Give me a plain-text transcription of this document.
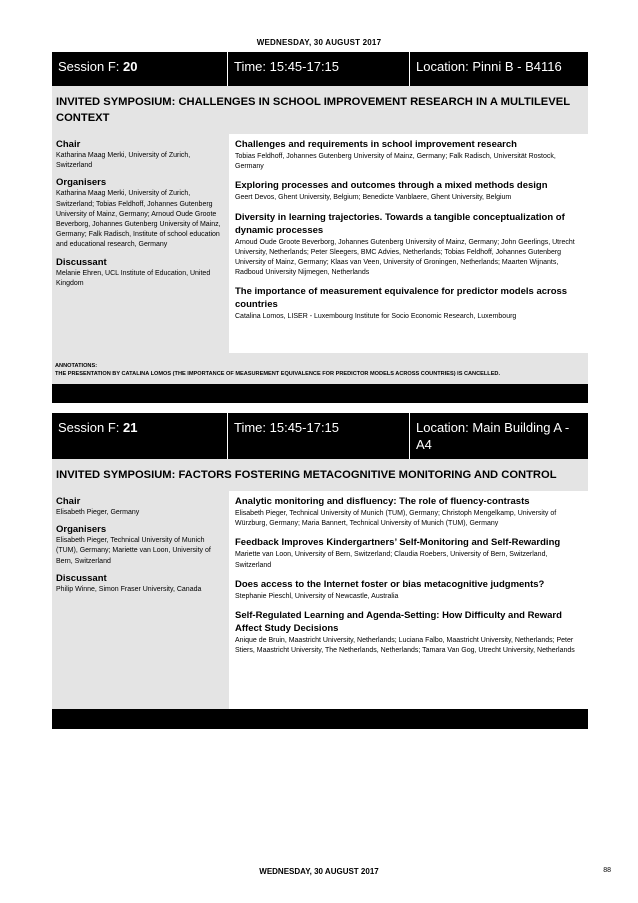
WEDNESDAY, 30 AUGUST 2017
Session F: 20	Time: 15:45-17:15	Location: Pinni B - B4116
INVITED SYMPOSIUM: CHALLENGES IN SCHOOL IMPROVEMENT RESEARCH IN A MULTILEVEL CONTEXT
Chair
Katharina Maag Merki, University of Zurich, Switzerland
Organisers
Katharina Maag Merki, University of Zurich, Switzerland; Tobias Feldhoff, Johannes Gutenberg University of Mainz, Germany; Arnoud Oude Groote Beverborg, Johannes Gutenberg University of Mainz, Germany; Falk Radisch, Institute of school education and educational research, Germany
Discussant
Melanie Ehren, UCL Institute of Education, United Kingdom
Challenges and requirements in school improvement research
Tobias Feldhoff, Johannes Gutenberg University of Mainz, Germany; Falk Radisch, Universität Rostock, Germany
Exploring processes and outcomes through a mixed methods design
Geert Devos, Ghent University, Belgium; Benedicte Vanblaere, Ghent University, Belgium
Diversity in learning trajectories. Towards a tangible conceptualization of dynamic processes
Arnoud Oude Groote Beverborg, Johannes Gutenberg University of Mainz, Germany; John Geerlings, Utrecht University, Netherlands; Peter Sleegers, BMC Advies, Netherlands; Tobias Feldhoff, Johannes Gutenberg University of Mainz, Germany; Klaas van Veen, University of Groningen, Netherlands; Maarten Wijnants, Radboud University Nijmegen, Netherlands
The importance of measurement equivalence for predictor models across countries
Catalina Lomos, LISER - Luxembourg Institute for Socio Economic Research, Luxembourg
ANNOTATIONS:
THE PRESENTATION BY CATALINA LOMOS (THE IMPORTANCE OF MEASUREMENT EQUIVALENCE FOR PREDICTOR MODELS ACROSS COUNTRIES) IS CANCELLED.
Session F: 21	Time: 15:45-17:15	Location: Main Building A - A4
INVITED SYMPOSIUM: FACTORS FOSTERING METACOGNITIVE MONITORING AND CONTROL
Chair
Elisabeth Pieger, Germany
Organisers
Elisabeth Pieger, Technical University of Munich (TUM), Germany; Mariette van Loon, University of Bern, Switzerland
Discussant
Philip Winne, Simon Fraser University, Canada
Analytic monitoring and disfluency: The role of fluency-contrasts
Elisabeth Pieger, Technical University of Munich (TUM), Germany; Christoph Mengelkamp, University of Würzburg, Germany; Maria Bannert, Technical University of Munich (TUM), Germany
Feedback Improves Kindergartners’ Self-Monitoring and Self-Rewarding
Mariette van Loon, University of Bern, Switzerland; Claudia Roebers, University of Bern, Switzerland, Switzerland
Does access to the Internet foster or bias metacognitive judgments?
Stephanie Pieschl, University of Newcastle, Australia
Self-Regulated Learning and Agenda-Setting: How Difficulty and Reward Affect Study Decisions
Anique de Bruin, Maastricht University, Netherlands; Luciana Falbo, Maastricht University, Netherlands; Peter Stiers, Maastricht University, The Netherlands, Netherlands; Tamara Van Gog, Utrecht University, Netherlands
WEDNESDAY, 30 AUGUST 2017	88
